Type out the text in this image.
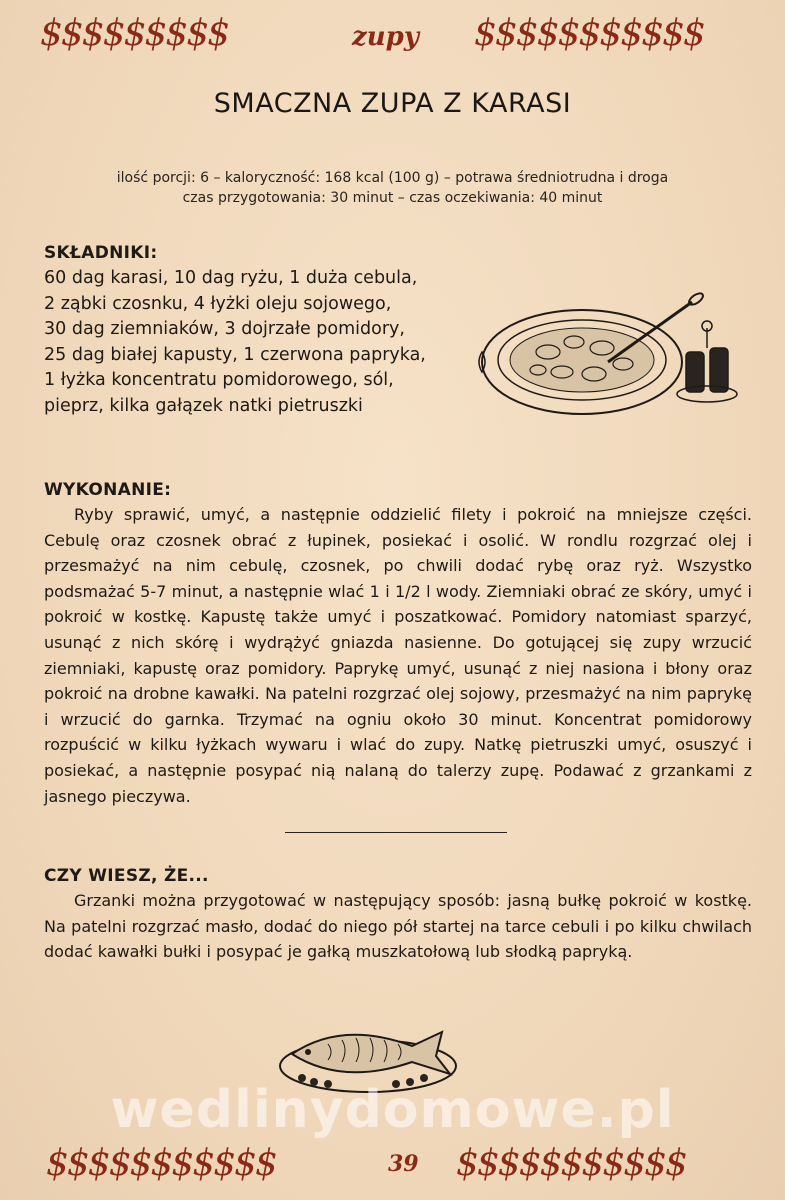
$$$$$$$$$	zupy $$$$$$$$$$$
SMACZNA ZUPA Z KARASI
ilość porcji: 6 – kaloryczność: 168 kcal (100 g) – potrawa średniotrudna i droga
czas przygotowania: 30 minut – czas oczekiwania: 40 minut
SKŁADNIKI:
60 dag karasi, 10 dag ryżu, 1 duża cebula,
2 ząbki czosnku, 4 łyżki oleju sojowego,
30 dag ziemniaków, 3 dojrzałe pomidory,
25 dag białej kapusty, 1 czerwona papryka,
1 łyżka koncentratu pomidorowego, sól,
pieprz, kilka gałązek natki pietruszki
WYKONANIE:
Ryby sprawić, umyć, a następnie oddzielić filety i pokroić na mniejsze części. Cebulę oraz czosnek obrać z łupinek, posiekać i osolić. W rondlu rozgrzać olej i przesmażyć na nim cebulę, czosnek, po chwili dodać rybę oraz ryż. Wszystko podsmażać 5-7 minut, a następnie wlać 1 i 1/2 l wody. Ziemniaki obrać ze skóry, umyć i pokroić w kostkę. Kapustę także umyć i poszatkować. Pomidory natomiast sparzyć, usunąć z nich skórę i wydrążyć gniazda nasienne. Do gotującej się zupy wrzucić ziemniaki, kapustę oraz pomidory. Paprykę umyć, usunąć z niej nasiona i błony oraz pokroić na drobne kawałki. Na patelni rozgrzać olej sojowy, przesmażyć na nim paprykę i wrzucić do garnka. Trzymać na ogniu około 30 minut. Koncentrat pomidorowy rozpuścić w kilku łyżkach wywaru i wlać do zupy. Natkę pietruszki umyć, osuszyć i posiekać, a następnie posypać nią nalaną do talerzy zupę. Podawać z grzankami z jasnego pieczywa.
CZY WIESZ, ŻE...
Grzanki można przygotować w następujący sposób: jasną bułkę pokroić w kostkę. Na patelni rozgrzać masło, dodać do niego pół startej na tarce cebuli i po kilku chwilach dodać kawałki bułki i posypać je gałką muszkatołową lub słodką papryką.
wedlinydomowe.pl
$$$$$$$$$$$	39 $$$$$$$$$$$
